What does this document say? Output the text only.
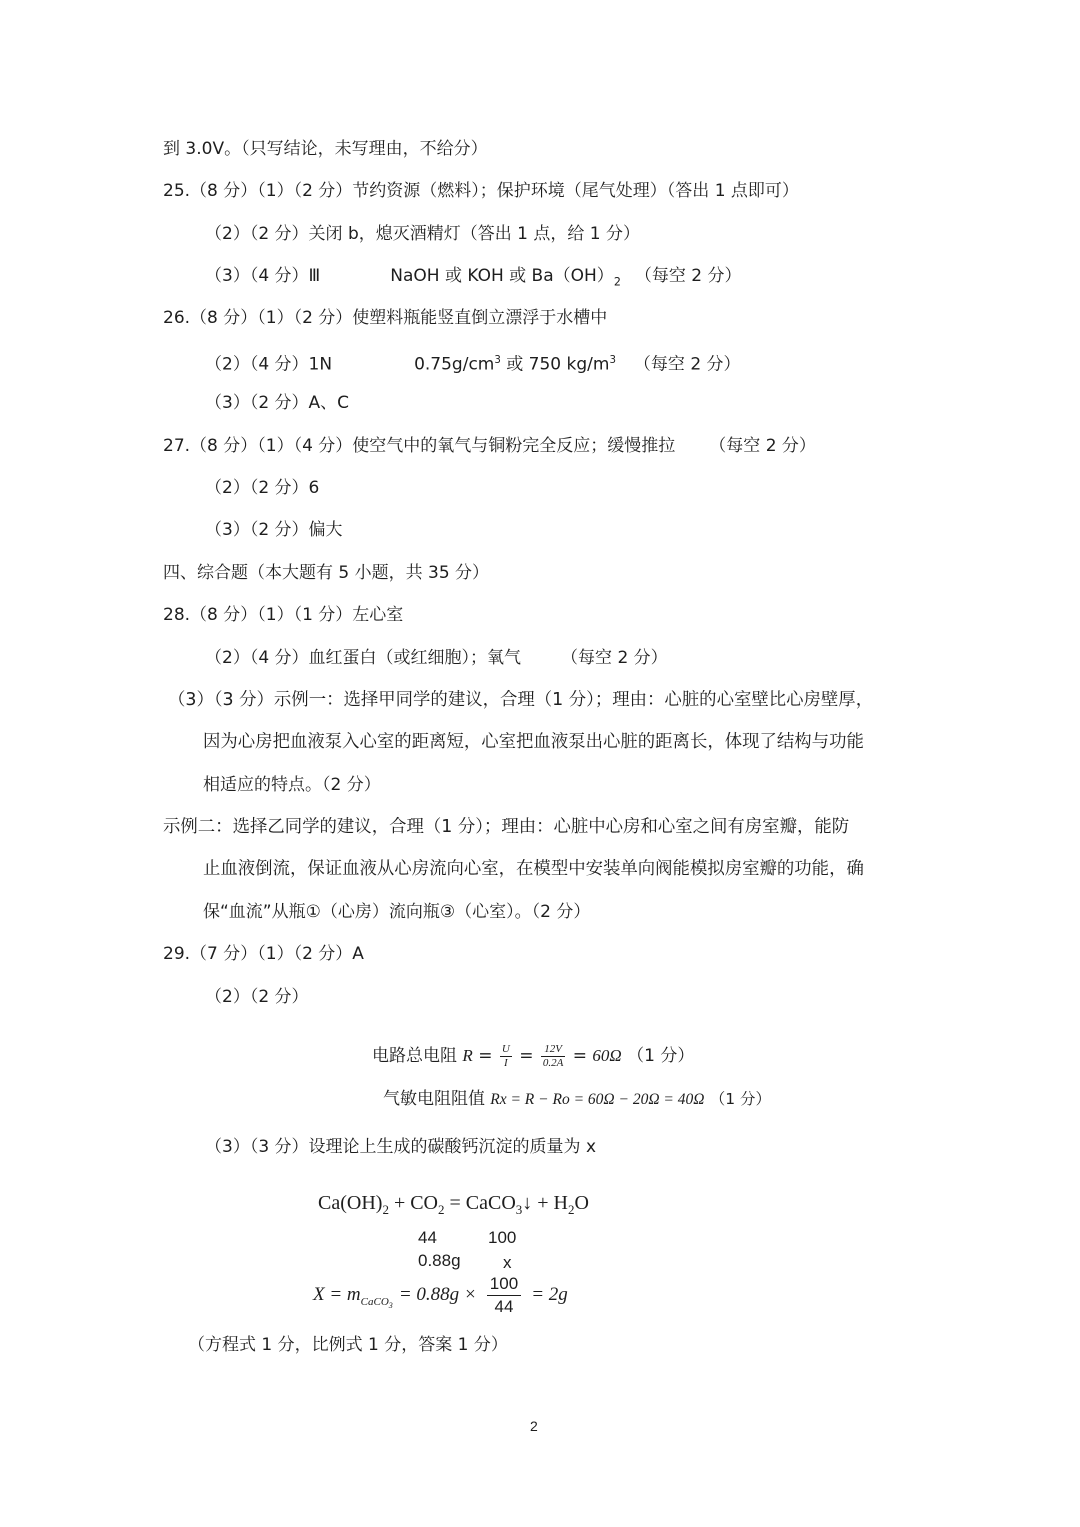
到 3.0V。（只写结论，未写理由，不给分）
25.（8 分）（1）（2 分）节约资源（燃料）；保护环境（尾气处理）（答出 1 点即可）
（2）（2 分）关闭 b，熄灭酒精灯（答出 1 点，给 1 分）
（3）（4 分）Ⅲ	NaOH 或 KOH 或 $Ba(OH)_2$ （每空 2 分）
26.（8 分）（1）（2 分）使塑料瓶能竖直倒立漂浮于水槽中
（2）（4 分）1N	$0.75g/cm^3$ 或 750 $kg/m^3$ （每空 2 分）
（3）（2 分）A、C
27.（8 分）（1）（4 分）使空气中的氧气与铜粉完全反应；缓慢推拉 （每空 2 分）
（2）（2 分）6
（3）（2 分）偏大
四、综合题（本大题有 5 小题，共 35 分）
28.（8 分）（1）（1 分）左心室
（2）（4 分）血红蛋白（或红细胞）；氧气 （每空 2 分）
（3）（3 分）示例一：选择甲同学的建议，合理（1 分）；理由：心脏的心室壁比心房壁厚，
因为心房把血液泵入心室的距离短，心室把血液泵出心脏的距离长，体现了结构与功能
相适应的特点。（2 分）
示例二：选择乙同学的建议，合理（1 分）；理由：心脏中心房和心室之间有房室瓣，能防
止血液倒流，保证血液从心房流向心室，在模型中安装单向阀能模拟房室瓣的功能，确
保“血流”从瓶①（心房）流向瓶③（心室）。（2 分）
29.（7 分）（1）（2 分）A
（2）（2 分）
电路总电阻 $R = \frac{U}{I} = \frac{12V}{0.2A} = 60\Omega$ （1 分）
气敏电阻阻值 Rx = R − Ro = 60Ω − 20Ω = 40Ω （1 分）
（3）（3 分）设理论上生成的碳酸钙沉淀的质量为 x
$Ca(OH)_2 + CO_2$ = CaCO$_3$↓ + $H_2O$
44	100
0.88g x
$X = m_{CaCO_3} = 0.88g \times \frac{100}{44} = 2g$
（方程式 1 分，比例式 1 分，答案 1 分）
2
